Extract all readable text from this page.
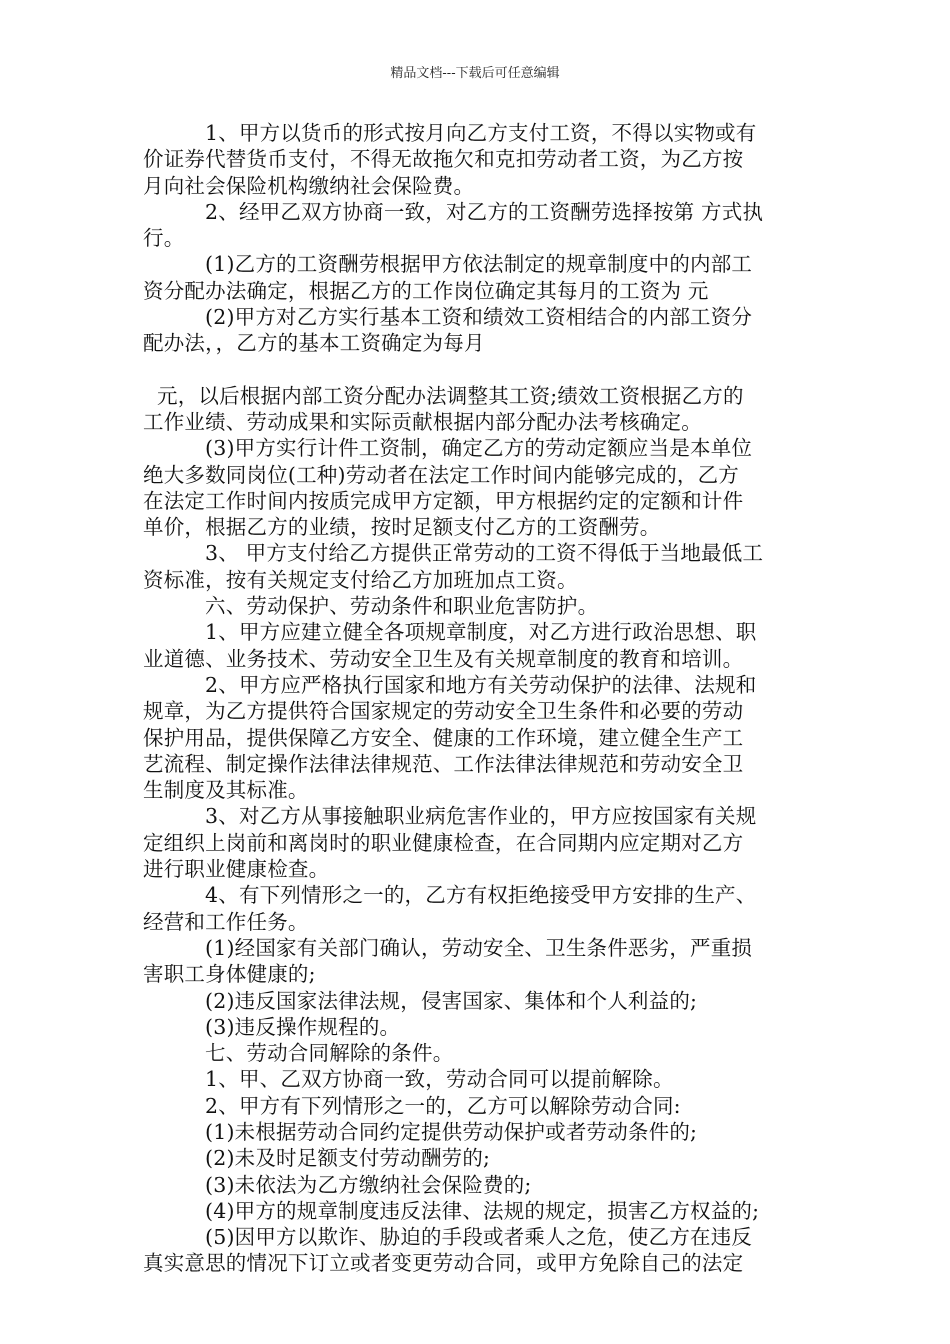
精品文档---下载后可任意编辑
1、甲方以货币的形式按月向乙方支付工资，不得以实物或有
价证券代替货币支付，不得无故拖欠和克扣劳动者工资，为乙方按
月向社会保险机构缴纳社会保险费。
2、经甲乙双方协商一致，对乙方的工资酬劳选择按第 方式执
行。
(1)乙方的工资酬劳根据甲方依法制定的规章制度中的内部工
资分配办法确定，根据乙方的工作岗位确定其每月的工资为 元
(2)甲方对乙方实行基本工资和绩效工资相结合的内部工资分
配办法，，乙方的基本工资确定为每月
元，以后根据内部工资分配办法调整其工资;绩效工资根据乙方的
工作业绩、劳动成果和实际贡献根据内部分配办法考核确定。
(3)甲方实行计件工资制，确定乙方的劳动定额应当是本单位
绝大多数同岗位(工种)劳动者在法定工作时间内能够完成的，乙方
在法定工作时间内按质完成甲方定额，甲方根据约定的定额和计件
单价，根据乙方的业绩，按时足额支付乙方的工资酬劳。
3、 甲方支付给乙方提供正常劳动的工资不得低于当地最低工
资标准，按有关规定支付给乙方加班加点工资。
六、劳动保护、劳动条件和职业危害防护。
1、甲方应建立健全各项规章制度，对乙方进行政治思想、职
业道德、业务技术、劳动安全卫生及有关规章制度的教育和培训。
2、甲方应严格执行国家和地方有关劳动保护的法律、法规和
规章，为乙方提供符合国家规定的劳动安全卫生条件和必要的劳动
保护用品，提供保障乙方安全、健康的工作环境，建立健全生产工
艺流程、制定操作法律法律规范、工作法律法律规范和劳动安全卫
生制度及其标准。
3、对乙方从事接触职业病危害作业的，甲方应按国家有关规
定组织上岗前和离岗时的职业健康检查，在合同期内应定期对乙方
进行职业健康检查。
4、有下列情形之一的，乙方有权拒绝接受甲方安排的生产、
经营和工作任务。
(1)经国家有关部门确认，劳动安全、卫生条件恶劣，严重损
害职工身体健康的;
(2)违反国家法律法规，侵害国家、集体和个人利益的;
(3)违反操作规程的。
七、劳动合同解除的条件。
1、甲、乙双方协商一致，劳动合同可以提前解除。
2、甲方有下列情形之一的，乙方可以解除劳动合同:
(1)未根据劳动合同约定提供劳动保护或者劳动条件的;
(2)未及时足额支付劳动酬劳的;
(3)未依法为乙方缴纳社会保险费的;
(4)甲方的规章制度违反法律、法规的规定，损害乙方权益的;
(5)因甲方以欺诈、胁迫的手段或者乘人之危，使乙方在违反
真实意思的情况下订立或者变更劳动合同，或甲方免除自己的法定
